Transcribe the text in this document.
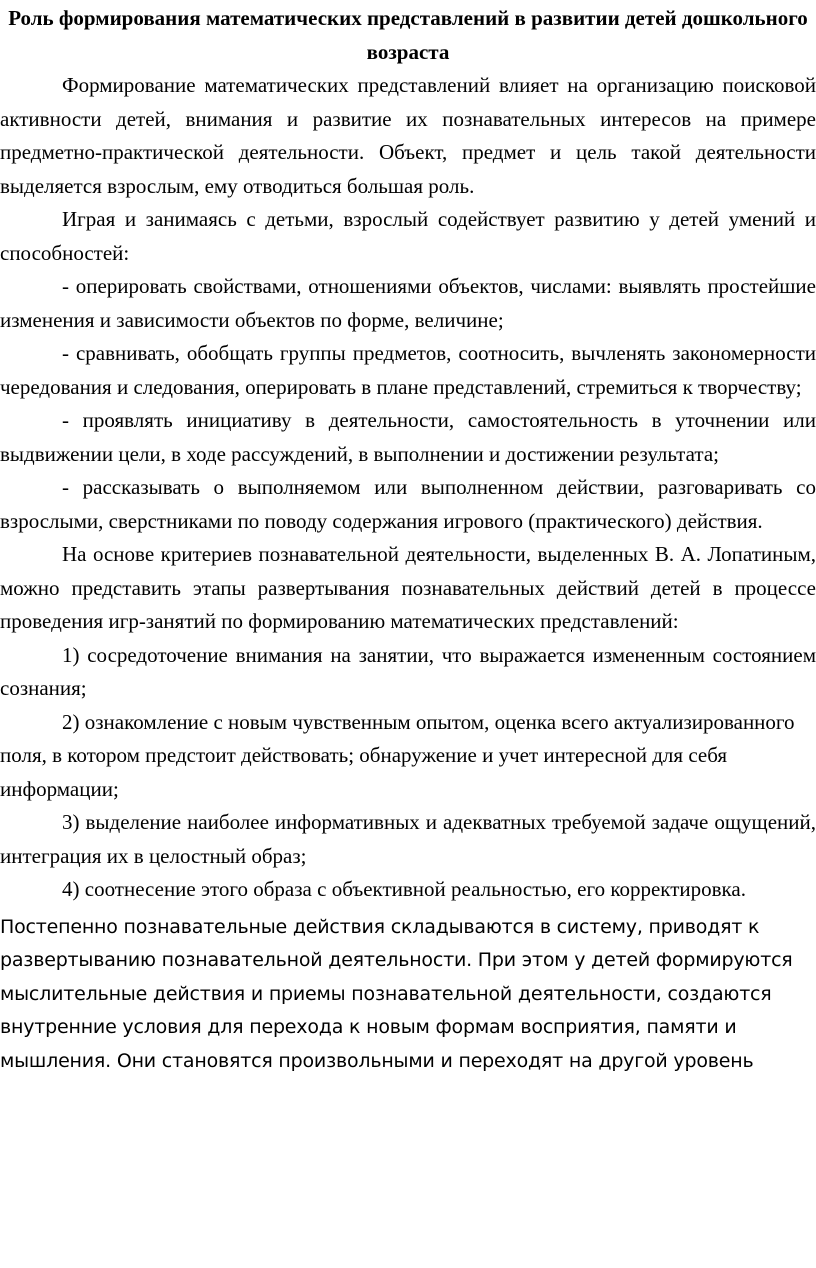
Роль формирования математических представлений в развитии детей дошкольного возраста

Формирование математических представлений влияет на организацию поисковой активности детей, внимания и развитие их познавательных интересов на примере предметно-практической деятельности. Объект, предмет и цель такой деятельности выделяется взрослым, ему отводиться большая роль.

Играя и занимаясь с детьми, взрослый содействует развитию у детей умений и способностей:

- оперировать свойствами, отношениями объектов, числами: выявлять простейшие изменения и зависимости объектов по форме, величине;

- сравнивать, обобщать группы предметов, соотносить, вычленять закономерности чередования и следования, оперировать в плане представлений, стремиться к творчеству;

- проявлять инициативу в деятельности, самостоятельность в уточнении или выдвижении цели, в ходе рассуждений, в выполнении и достижении результата;

- рассказывать о выполняемом или выполненном действии, разговаривать со взрослыми, сверстниками по поводу содержания игрового (практического) действия.

На основе критериев познавательной деятельности, выделенных В. А. Лопатиным, можно представить этапы развертывания познавательных действий детей в процессе проведения игр-занятий по формированию математических представлений:

1) сосредоточение внимания на занятии, что выражается измененным состоянием сознания;

2) ознакомление с новым чувственным опытом, оценка всего актуализированного поля, в котором предстоит действовать; обнаружение и учет интересной для себя информации;

3) выделение наиболее информативных и адекватных требуемой задаче ощущений, интеграция их в целостный образ;

4) соотнесение этого образа с объективной реальностью, его корректировка.

Постепенно познавательные действия складываются в систему, приводят к развертыванию познавательной деятельности. При этом у детей формируются мыслительные действия и приемы познавательной деятельности, создаются внутренние условия для перехода к новым формам восприятия, памяти и мышления. Они становятся произвольными и переходят на другой уровень
